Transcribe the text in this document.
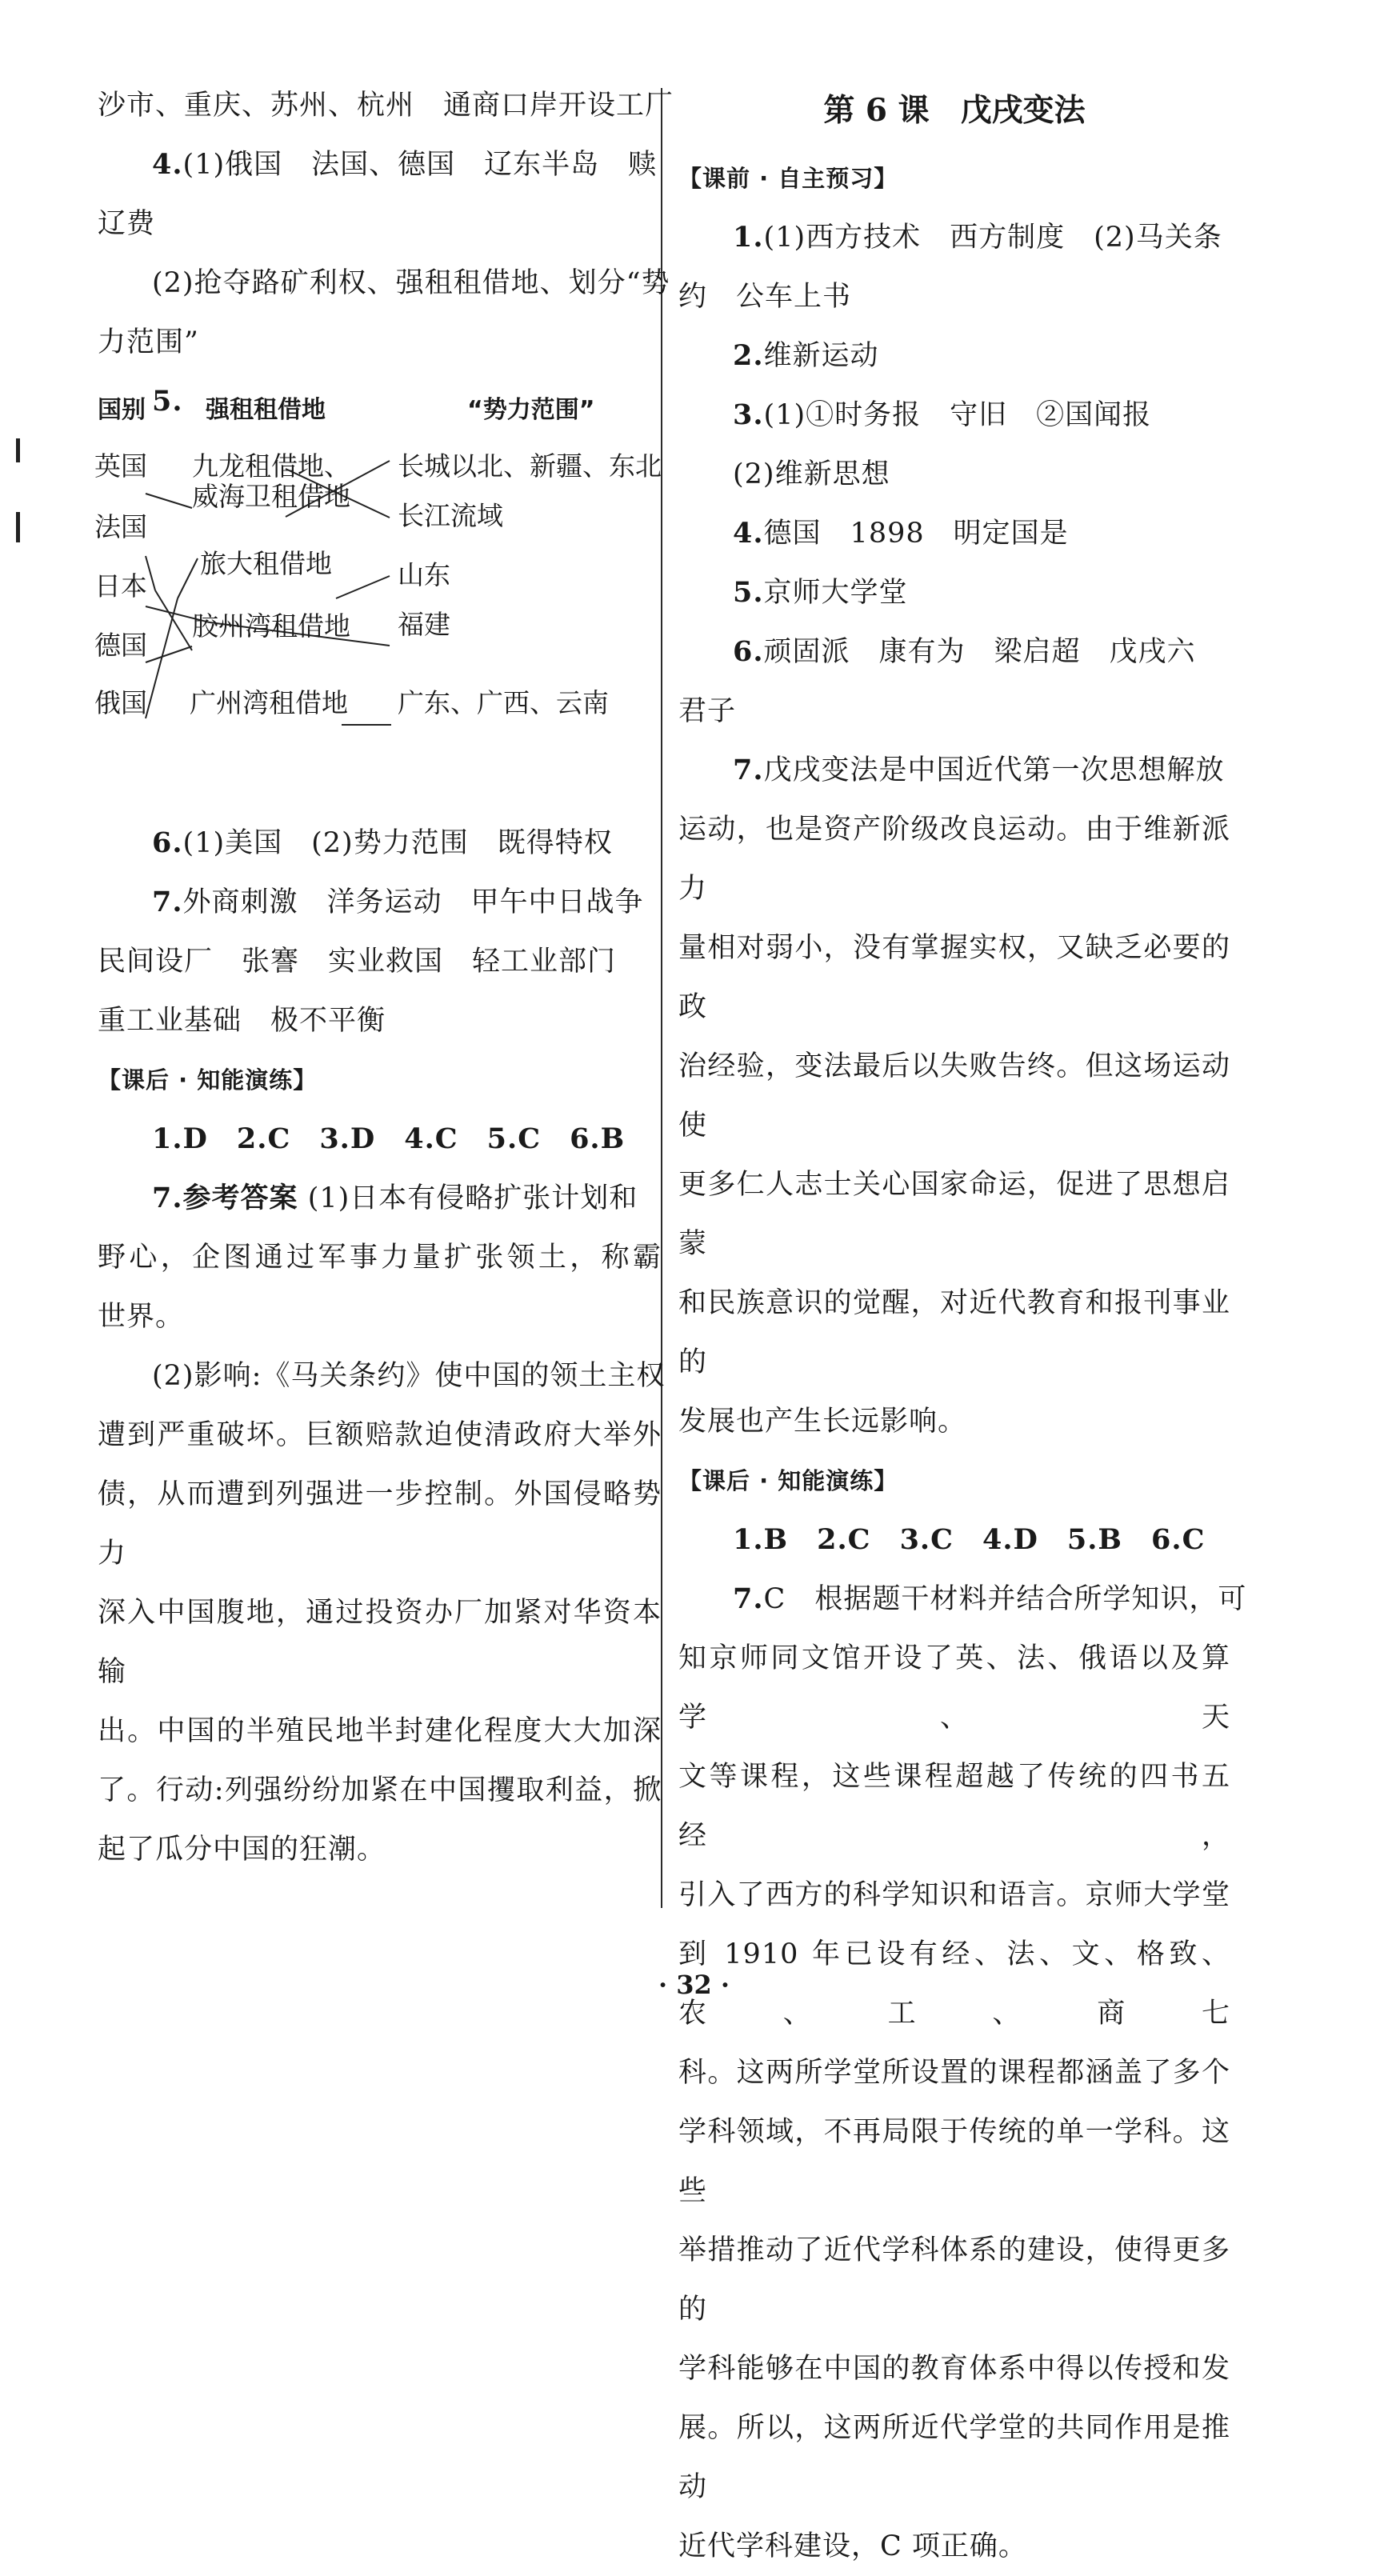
沙市、重庆、苏州、杭州　通商口岸开设工厂
4.(1)俄国　法国、德国　辽东半岛　赎
辽费
(2)抢夺路矿利权、强租租借地、划分“势
力范围”
5.
国别	强租租借地	“势力范围”
英国
法国
日本
德国
俄国
九龙租借地、
威海卫租借地
旅大租借地
胶州湾租借地
广州湾租借地
长城以北、新疆、东北
长江流域
山东
福建
广东、广西、云南
6.(1)美国　(2)势力范围　既得特权
7.外商刺激　洋务运动　甲午中日战争
民间设厂　张謇　实业救国　轻工业部门
重工业基础　极不平衡
【课后 · 知能演练】
1.D　 2.C　 3.D　 4.C　 5.C　 6.B
7.参考答案 (1)日本有侵略扩张计划和
野心，企图通过军事力量扩张领土，称霸
世界。
(2)影响:《马关条约》使中国的领土主权
遭到严重破坏。巨额赔款迫使清政府大举外
债，从而遭到列强进一步控制。外国侵略势力
深入中国腹地，通过投资办厂加紧对华资本输
出。中国的半殖民地半封建化程度大大加深
了。行动:列强纷纷加紧在中国攫取利益，掀
起了瓜分中国的狂潮。
第 6 课　戊戌变法
【课前 · 自主预习】
1.(1)西方技术　西方制度　(2)马关条
约　公车上书
2.维新运动
3.(1)①时务报　守旧　②国闻报
(2)维新思想
4.德国　1898　明定国是
5.京师大学堂
6.顽固派　康有为　梁启超　戊戌六
君子
7.戊戌变法是中国近代第一次思想解放
运动，也是资产阶级改良运动。由于维新派力
量相对弱小，没有掌握实权，又缺乏必要的政
治经验，变法最后以失败告终。但这场运动使
更多仁人志士关心国家命运，促进了思想启蒙
和民族意识的觉醒，对近代教育和报刊事业的
发展也产生长远影响。
【课后 · 知能演练】
1.B　 2.C　 3.C　 4.D　 5.B　 6.C
7.C　根据题干材料并结合所学知识，可
知京师同文馆开设了英、法、俄语以及算学、天
文等课程，这些课程超越了传统的四书五经，
引入了西方的科学知识和语言。京师大学堂
到 1910 年已设有经、法、文、格致、农、工、商七
科。这两所学堂所设置的课程都涵盖了多个
学科领域，不再局限于传统的单一学科。这些
举措推动了近代学科体系的建设，使得更多的
学科能够在中国的教育体系中得以传授和发
展。所以，这两所近代学堂的共同作用是推动
近代学科建设，C 项正确。
· 32 ·
